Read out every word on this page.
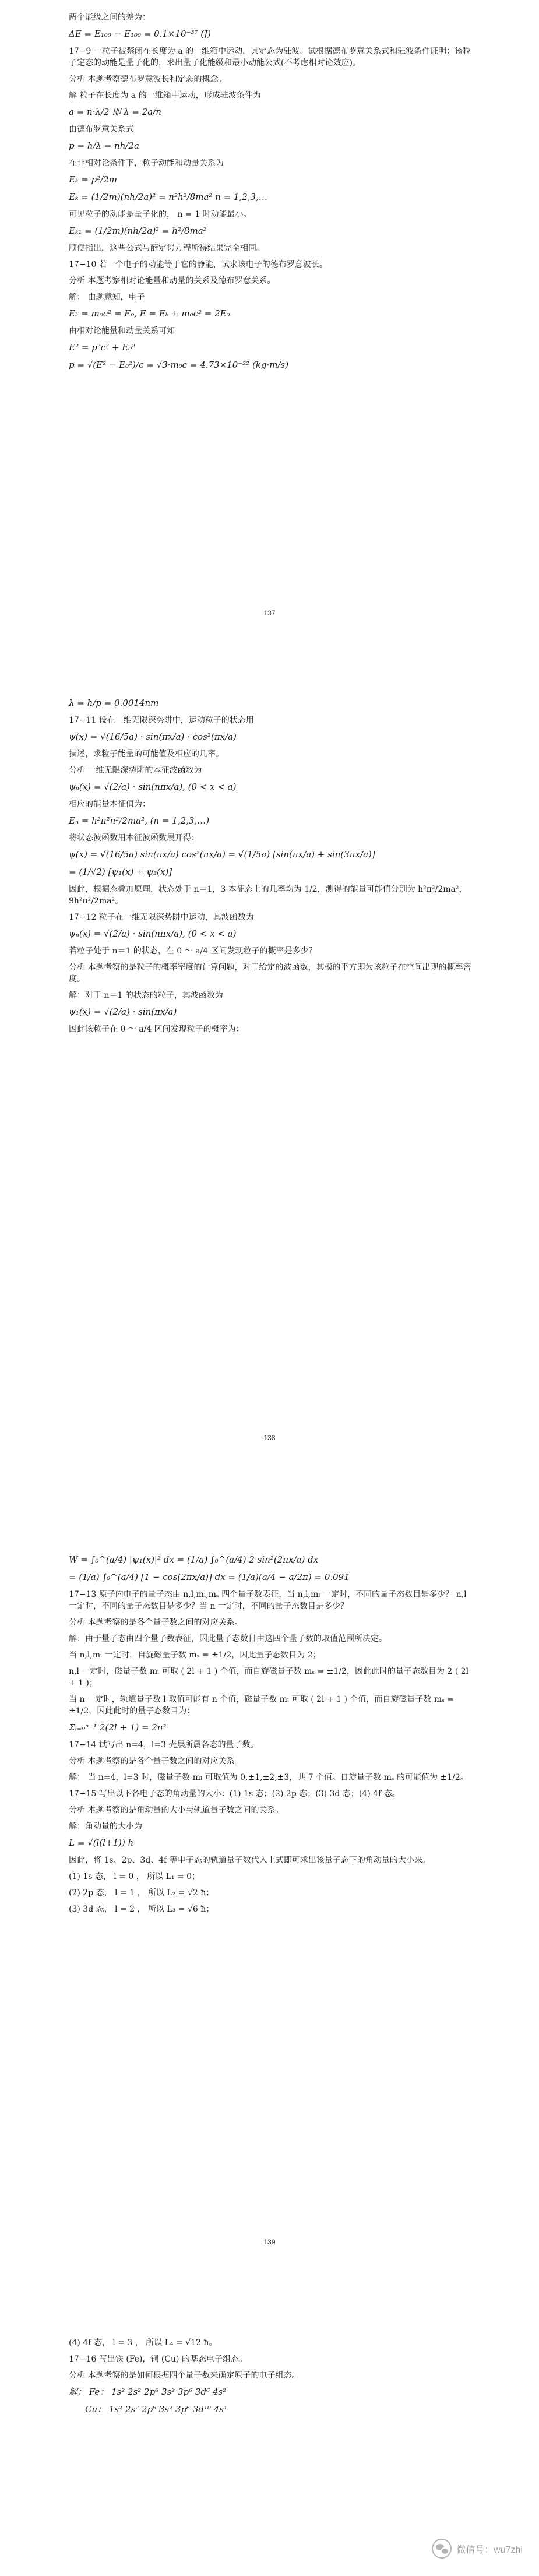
两个能级之间的差为：

ΔE = E₁₀₀ − E₁₀₀ = 0.1×10⁻³⁷ (J)

17−9 一粒子被禁闭在长度为 a 的一维箱中运动，其定态为驻波。试根据德布罗意关系式和驻波条件证明：该粒子定态的动能是量子化的，求出量子化能级和最小动能公式(不考虑相对论效应)。

分析 本题考察德布罗意波长和定态的概念。

解 粒子在长度为 a 的一维箱中运动，形成驻波条件为

a = n·λ/2 即 λ = 2a/n

由德布罗意关系式

p = h/λ = nh/2a

在非相对论条件下，粒子动能和动量关系为

Eₖ = p²/2m

Eₖ = (1/2m)(nh/2a)² = n²h²/8ma² n = 1,2,3,…

可见粒子的动能是量子化的， n = 1 时动能最小。

Eₖ₁ = (1/2m)(nh/2a)² = h²/8ma²

顺便指出，这些公式与薛定谔方程所得结果完全相同。

17−10 若一个电子的动能等于它的静能，试求该电子的德布罗意波长。

分析 本题考察相对论能量和动量的关系及德布罗意关系。

解： 由题意知，电子

Eₖ = m₀c² = E₀, E = Eₖ + m₀c² = 2E₀

由相对论能量和动量关系可知

E² = p²c² + E₀²

p = √(E² − E₀²)/c = √3·m₀c = 4.73×10⁻²² (kg·m/s)

137

λ = h/p = 0.0014nm

17−11 设在一维无限深势阱中，运动粒子的状态用

ψ(x) = √(16/5a) · sin(πx/a) · cos²(πx/a)

描述，求粒子能量的可能值及相应的几率。

分析 一维无限深势阱的本征波函数为

ψₙ(x) = √(2/a) · sin(nπx/a), (0 < x < a)

相应的能量本征值为：

Eₙ = h²π²n²/2ma², (n = 1,2,3,…)

将状态波函数用本征波函数展开得：

ψ(x) = √(16/5a) sin(πx/a) cos²(πx/a) = √(1/5a) [sin(πx/a) + sin(3πx/a)]

= (1/√2) [ψ₁(x) + ψ₃(x)]

因此，根据态叠加原理，状态处于 n＝1，3 本征态上的几率均为 1/2，测得的能量可能值分别为 h²π²/2ma²，9h²π²/2ma²。

17−12 粒子在一维无限深势阱中运动，其波函数为

ψₙ(x) = √(2/a) · sin(nπx/a), (0 < x < a)

若粒子处于 n＝1 的状态，在 0 ～ a/4 区间发现粒子的概率是多少？

分析 本题考察的是粒子的概率密度的计算问题，对于给定的波函数，其模的平方即为该粒子在空间出现的概率密度。

解：对于 n＝1 的状态的粒子，其波函数为

ψ₁(x) = √(2/a) · sin(πx/a)

因此该粒子在 0 ～ a/4 区间发现粒子的概率为：

138

W = ∫₀^(a/4) |ψ₁(x)|² dx = (1/a) ∫₀^(a/4) 2 sin²(2πx/a) dx

= (1/a) ∫₀^(a/4) [1 − cos(2πx/a)] dx = (1/a)(a/4 − a/2π) = 0.091

17−13 原子内电子的量子态由 n,l,mₗ,mₛ 四个量子数表征，当 n,l,mₗ 一定时，不同的量子态数目是多少？ n,l 一定时，不同的量子态数目是多少？当 n 一定时，不同的量子态数目是多少？

分析 本题考察的是各个量子数之间的对应关系。

解：由于量子态由四个量子数表征，因此量子态数目由这四个量子数的取值范围所决定。

当 n,l,mₗ 一定时，自旋磁量子数 mₛ = ±1/2，因此量子态数目为 2；

n,l 一定时，磁量子数 mₗ 可取 ( 2l + 1 ) 个值，而自旋磁量子数 mₛ = ±1/2，因此此时的量子态数目为 2 ( 2l + 1 )；

当 n 一定时，轨道量子数 l 取值可能有 n 个值，磁量子数 mₗ 可取 ( 2l + 1 ) 个值，而自旋磁量子数 mₛ = ±1/2，因此此时的量子态数目为：

Σₗ₌₀ⁿ⁻¹ 2(2l + 1) = 2n²

17−14 试写出 n=4，l=3 壳层所属各态的量子数。

分析 本题考察的是各个量子数之间的对应关系。

解： 当 n=4，l=3 时，磁量子数 mₗ 可取值为 0,±1,±2,±3，共 7 个值。自旋量子数 mₛ 的可能值为 ±1/2。

17−15 写出以下各电子态的角动量的大小：(1) 1s 态；(2) 2p 态；(3) 3d 态；(4) 4f 态。

分析 本题考察的是角动量的大小与轨道量子数之间的关系。

解：角动量的大小为

L = √(l(l+1)) ħ

因此，将 1s、2p、3d、4f 等电子态的轨道量子数代入上式即可求出该量子态下的角动量的大小来。

(1) 1s 态， l = 0 ， 所以 L₁ = 0；

(2) 2p 态， l = 1 ， 所以 L₂ = √2 ħ；

(3) 3d 态， l = 2 ， 所以 L₃ = √6 ħ；

139

(4) 4f 态， l = 3 ， 所以 L₄ = √12 ħ。

17−16 写出铁 (Fe)，铜 (Cu) 的基态电子组态。

分析 本题考察的是如何根据四个量子数来确定原子的电子组态。

解： Fe： 1s² 2s² 2p⁶ 3s² 3p⁶ 3d⁶ 4s²

Cu： 1s² 2s² 2p⁶ 3s² 3p⁶ 3d¹⁰ 4s¹

微信号：wu7zhi
